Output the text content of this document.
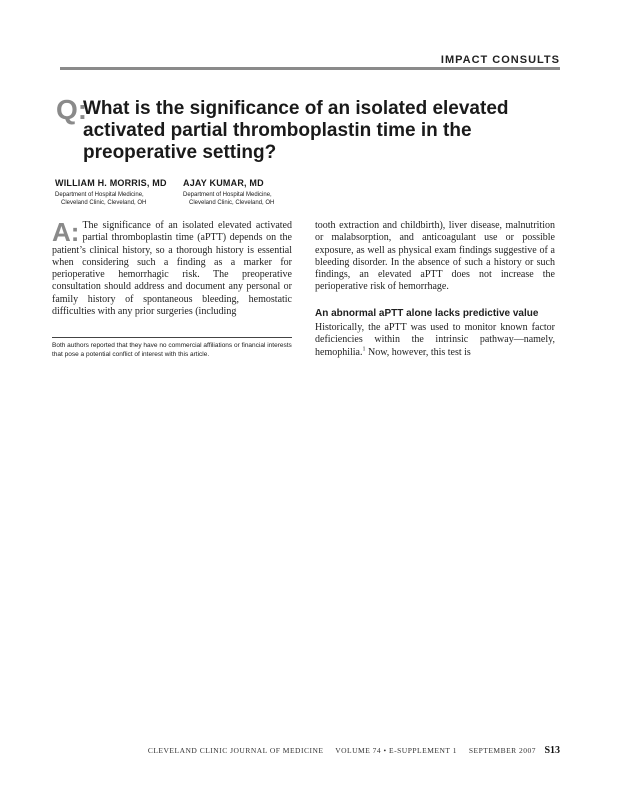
IMPACT CONSULTS
Q:
What is the significance of an isolated elevated activated partial thromboplastin time in the preoperative setting?
WILLIAM H. MORRIS, MD
Department of Hospital Medicine,
Cleveland Clinic, Cleveland, OH
AJAY KUMAR, MD
Department of Hospital Medicine,
Cleveland Clinic, Cleveland, OH
A: The significance of an isolated elevated activated partial thromboplastin time (aPTT) depends on the patient’s clinical history, so a thorough history is essential when considering such a finding as a marker for perioperative hemorrhagic risk. The preoperative consultation should address and document any personal or family history of spontaneous bleeding, hemostatic difficulties with any prior surgeries (including

tooth extraction and childbirth), liver disease, malnutrition or malabsorption, and anticoagulant use or possible exposure, as well as physical exam findings suggestive of a bleeding disorder. In the absence of such a history or such findings, an elevated aPTT does not increase the perioperative risk of hemorrhage.

An abnormal aPTT alone lacks predictive value

Historically, the aPTT was used to monitor known factor deficiencies within the intrinsic pathway—namely, hemophilia.$^1$ Now, however, this test is

Both authors reported that they have no commercial affiliations or financial interests that pose a potential conflict of interest with this article.
CLEVELAND CLINIC JOURNAL OF MEDICINE VOLUME 74 • E-SUPPLEMENT 1 SEPTEMBER 2007 S13
